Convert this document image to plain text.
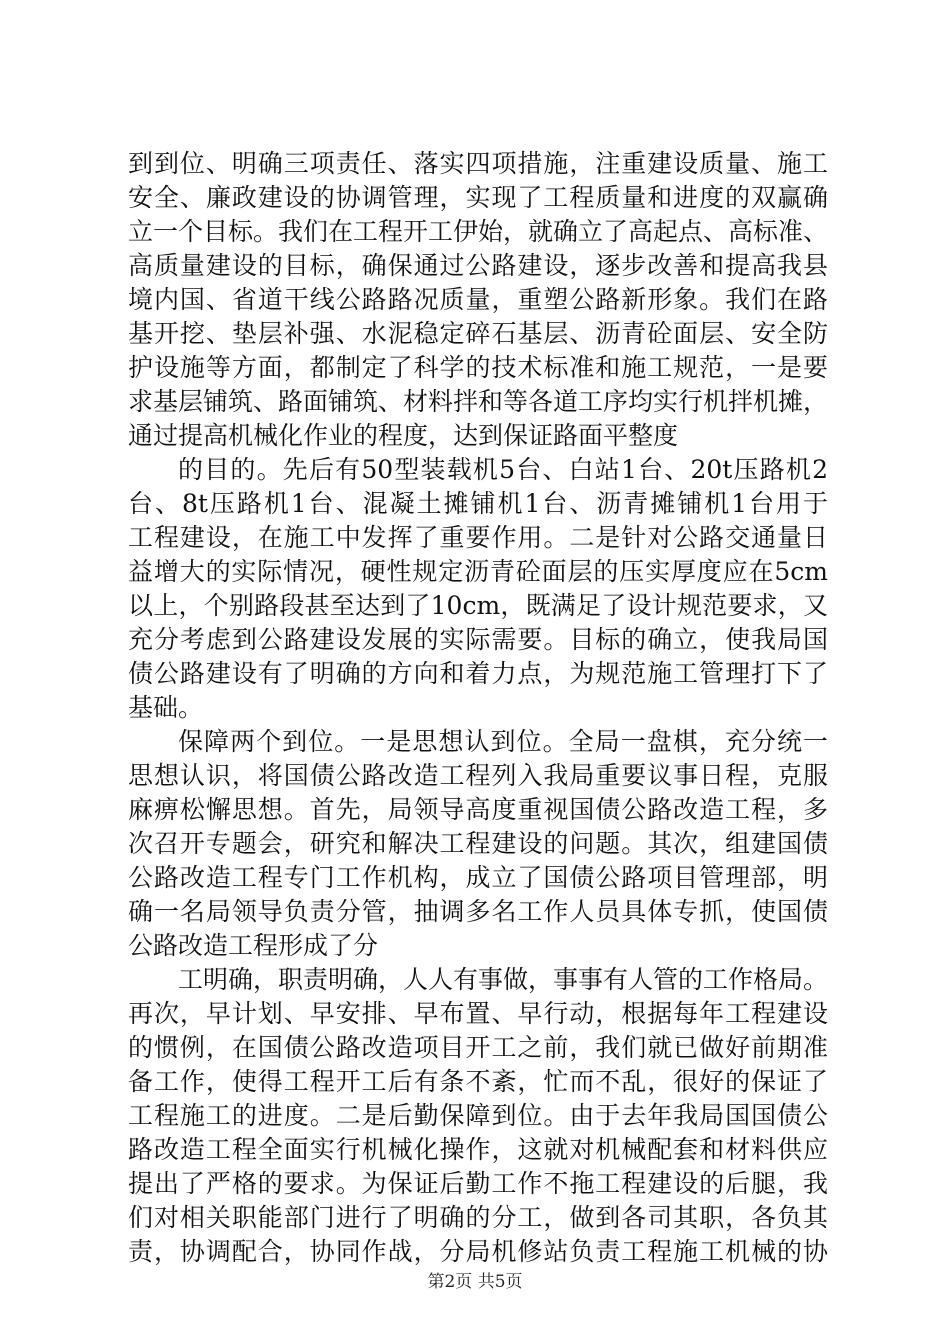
到到位、明确三项责任、落实四项措施，注重建设质量、施工
安全、廉政建设的协调管理，实现了工程质量和进度的双赢确
立一个目标。我们在工程开工伊始，就确立了高起点、高标准、
高质量建设的目标，确保通过公路建设，逐步改善和提高我县
境内国、省道干线公路路况质量，重塑公路新形象。我们在路
基开挖、垫层补强、水泥稳定碎石基层、沥青砼面层、安全防
护设施等方面，都制定了科学的技术标准和施工规范，一是要
求基层铺筑、路面铺筑、材料拌和等各道工序均实行机拌机摊，
通过提高机械化作业的程度，达到保证路面平整度
的目的。先后有50型装载机5台、白站1台、20t压路机2
台、8t压路机1台、混凝土摊铺机1台、沥青摊铺机1台用于
工程建设，在施工中发挥了重要作用。二是针对公路交通量日
益增大的实际情况，硬性规定沥青砼面层的压实厚度应在5cm
以上，个别路段甚至达到了10cm，既满足了设计规范要求，又
充分考虑到公路建设发展的实际需要。目标的确立，使我局国
债公路建设有了明确的方向和着力点，为规范施工管理打下了
基础。
保障两个到位。一是思想认到位。全局一盘棋，充分统一
思想认识，将国债公路改造工程列入我局重要议事日程，克服
麻痹松懈思想。首先，局领导高度重视国债公路改造工程，多
次召开专题会，研究和解决工程建设的问题。其次，组建国债
公路改造工程专门工作机构，成立了国债公路项目管理部，明
确一名局领导负责分管，抽调多名工作人员具体专抓，使国债
公路改造工程形成了分
工明确，职责明确，人人有事做，事事有人管的工作格局。
再次，早计划、早安排、早布置、早行动，根据每年工程建设
的惯例，在国债公路改造项目开工之前，我们就已做好前期准
备工作，使得工程开工后有条不紊，忙而不乱，很好的保证了
工程施工的进度。二是后勤保障到位。由于去年我局国国债公
路改造工程全面实行机械化操作，这就对机械配套和材料供应
提出了严格的要求。为保证后勤工作不拖工程建设的后腿，我
们对相关职能部门进行了明确的分工，做到各司其职，各负其
责，协调配合，协同作战，分局机修站负责工程施工机械的协
第2页 共5页
